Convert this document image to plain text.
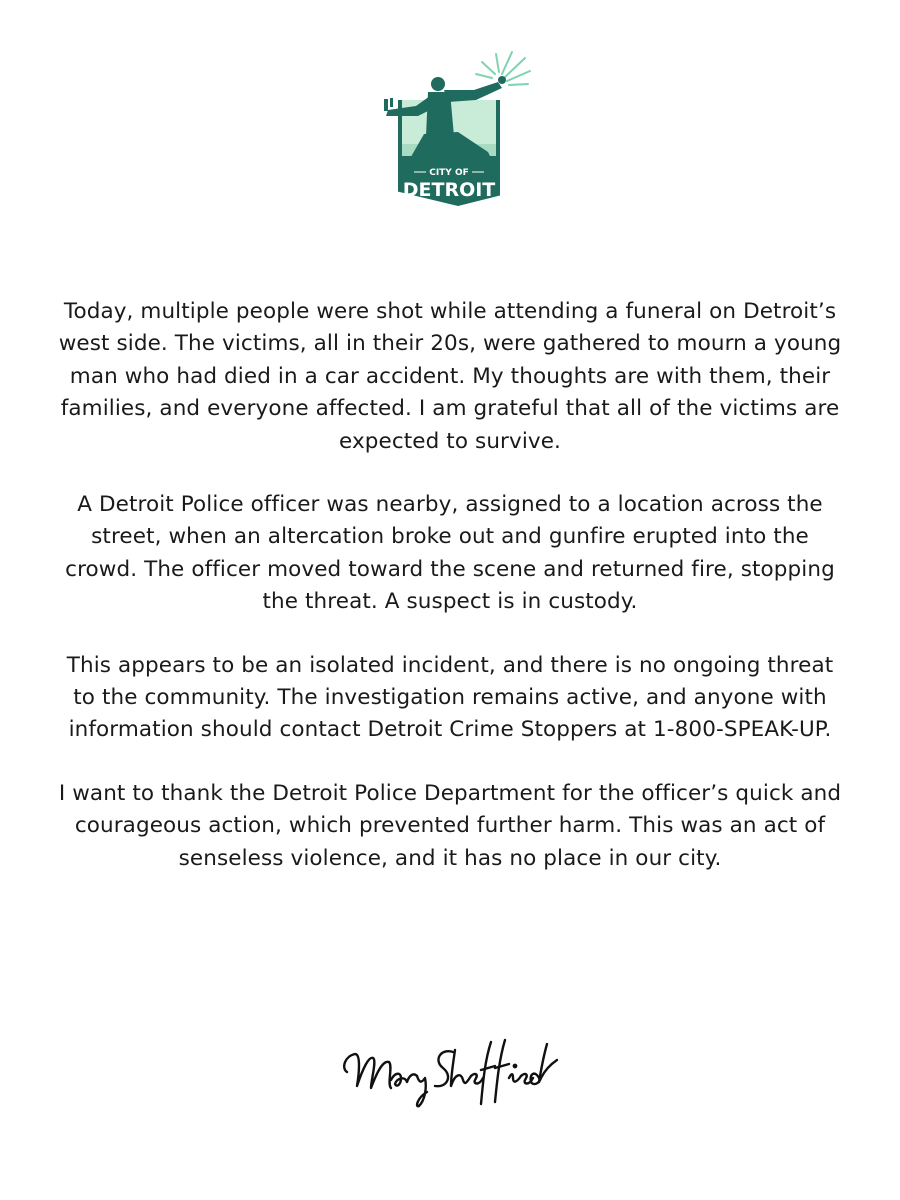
CITY OF
DETROIT

Today, multiple people were shot while attending a funeral on Detroit’s west side. The victims, all in their 20s, were gathered to mourn a young man who had died in a car accident. My thoughts are with them, their families, and everyone affected. I am grateful that all of the victims are expected to survive.

A Detroit Police officer was nearby, assigned to a location across the street, when an altercation broke out and gunfire erupted into the crowd. The officer moved toward the scene and returned fire, stopping the threat. A suspect is in custody.

This appears to be an isolated incident, and there is no ongoing threat to the community. The investigation remains active, and anyone with information should contact Detroit Crime Stoppers at 1-800-SPEAK-UP.

I want to thank the Detroit Police Department for the officer’s quick and courageous action, which prevented further harm. This was an act of senseless violence, and it has no place in our city.
